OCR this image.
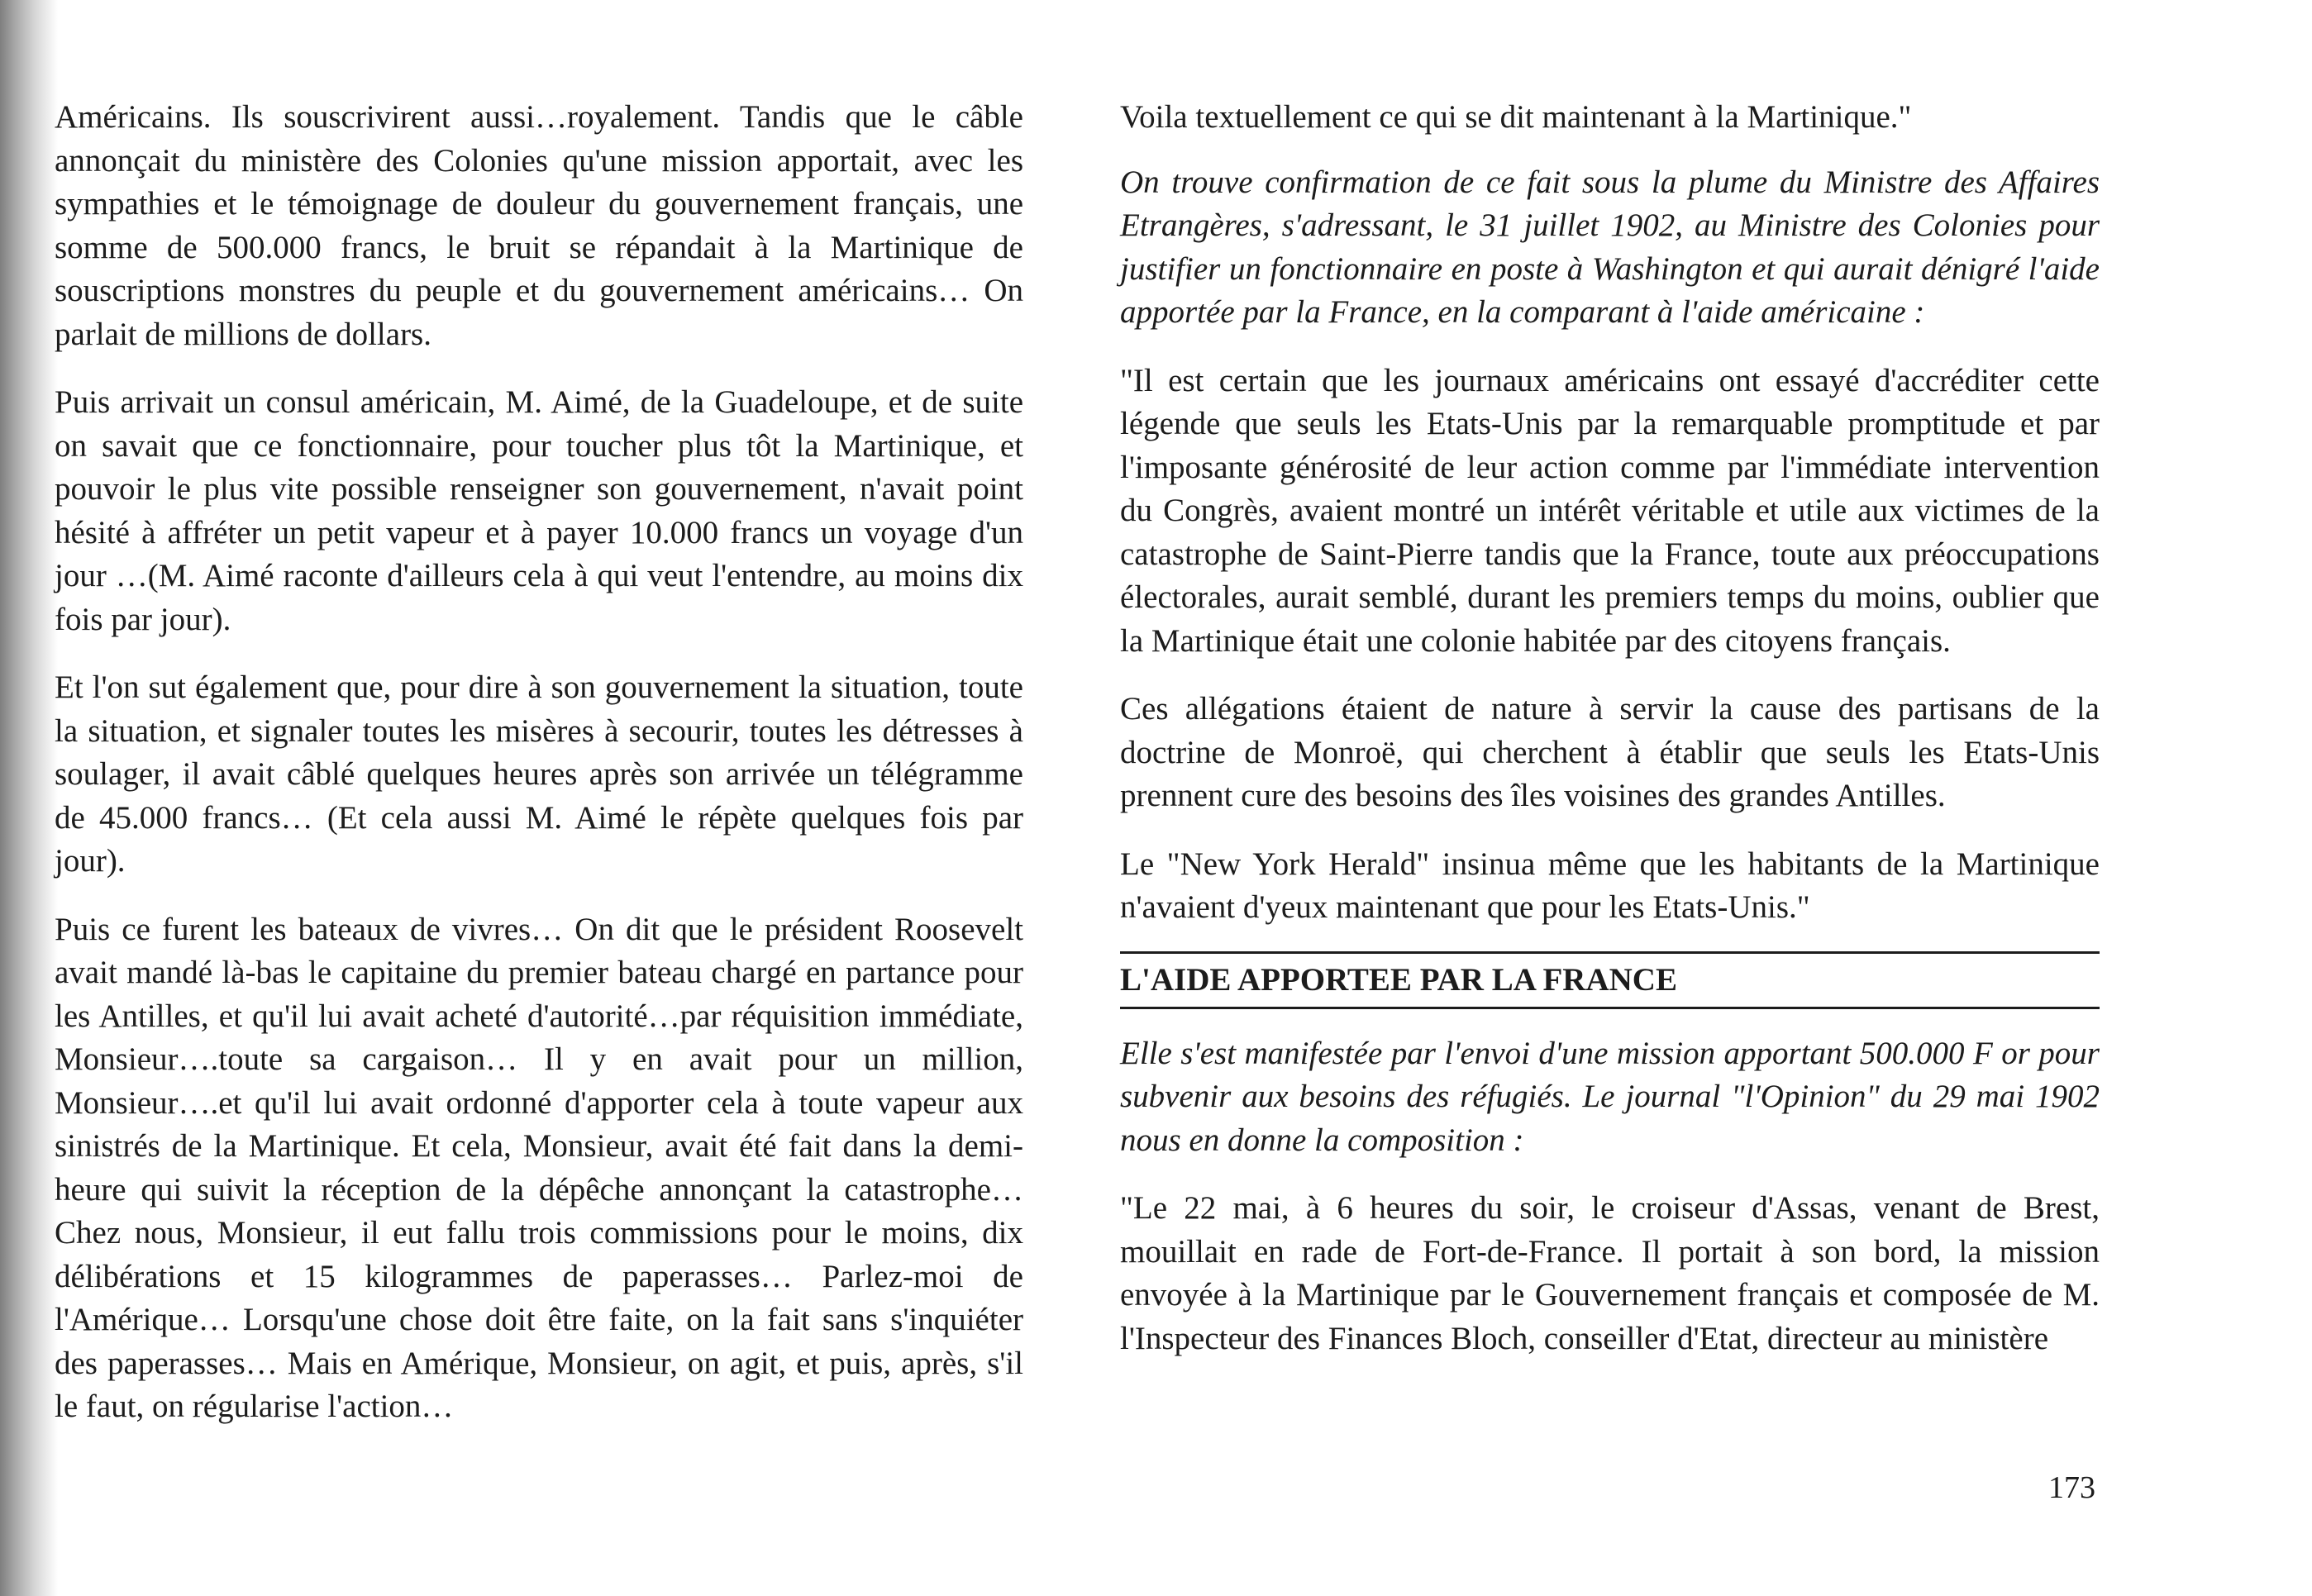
Américains. Ils souscrivirent aussi…royalement. Tandis que le câble annonçait du ministère des Colonies qu'une mission apportait, avec les sympathies et le témoignage de douleur du gouvernement français, une somme de 500.000 francs, le bruit se répandait à la Martinique de souscriptions monstres du peuple et du gouvernement américains… On parlait de millions de dollars.

Puis arrivait un consul américain, M. Aimé, de la Guadeloupe, et de suite on savait que ce fonctionnaire, pour toucher plus tôt la Martinique, et pouvoir le plus vite possible renseigner son gouvernement, n'avait point hésité à affréter un petit vapeur et à payer 10.000 francs un voyage d'un jour …(M. Aimé raconte d'ailleurs cela à qui veut l'entendre, au moins dix fois par jour).

Et l'on sut également que, pour dire à son gouvernement la situation, toute la situation, et signaler toutes les misères à secourir, toutes les détresses à soulager, il avait câblé quelques heures après son arrivée un télégramme de 45.000 francs… (Et cela aussi M. Aimé le répète quelques fois par jour).

Puis ce furent les bateaux de vivres… On dit que le président Roosevelt avait mandé là-bas le capitaine du premier bateau chargé en partance pour les Antilles, et qu'il lui avait acheté d'autorité…par réquisition immédiate, Monsieur….toute sa cargaison… Il y en avait pour un million, Monsieur….et qu'il lui avait ordonné d'apporter cela à toute vapeur aux sinistrés de la Martinique. Et cela, Monsieur, avait été fait dans la demi-heure qui suivit la réception de la dépêche annonçant la catastrophe… Chez nous, Monsieur, il eut fallu trois commissions pour le moins, dix délibérations et 15 kilogrammes de paperasses… Parlez-moi de l'Amérique… Lorsqu'une chose doit être faite, on la fait sans s'inquiéter des paperasses… Mais en Amérique, Monsieur, on agit, et puis, après, s'il le faut, on régularise l'action…

Voila textuellement ce qui se dit maintenant à la Martinique."

On trouve confirmation de ce fait sous la plume du Ministre des Affaires Etrangères, s'adressant, le 31 juillet 1902, au Ministre des Colonies pour justifier un fonctionnaire en poste à Washington et qui aurait dénigré l'aide apportée par la France, en la comparant à l'aide américaine :

"Il est certain que les journaux américains ont essayé d'accréditer cette légende que seuls les Etats-Unis par la remarquable promptitude et par l'imposante générosité de leur action comme par l'immédiate intervention du Congrès, avaient montré un intérêt véritable et utile aux victimes de la catastrophe de Saint-Pierre tandis que la France, toute aux préoccupations électorales, aurait semblé, durant les premiers temps du moins, oublier que la Martinique était une colonie habitée par des citoyens français.

Ces allégations étaient de nature à servir la cause des partisans de la doctrine de Monroë, qui cherchent à établir que seuls les Etats-Unis prennent cure des besoins des îles voisines des grandes Antilles.

Le "New York Herald" insinua même que les habitants de la Martinique n'avaient d'yeux maintenant que pour les Etats-Unis."

L'AIDE APPORTEE PAR LA FRANCE

Elle s'est manifestée par l'envoi d'une mission apportant 500.000 F or pour subvenir aux besoins des réfugiés. Le journal "l'Opinion" du 29 mai 1902 nous en donne la composition :

"Le 22 mai, à 6 heures du soir, le croiseur d'Assas, venant de Brest, mouillait en rade de Fort-de-France. Il portait à son bord, la mission envoyée à la Martinique par le Gouvernement français et composée de M. l'Inspecteur des Finances Bloch, conseiller d'Etat, directeur au ministère

173
